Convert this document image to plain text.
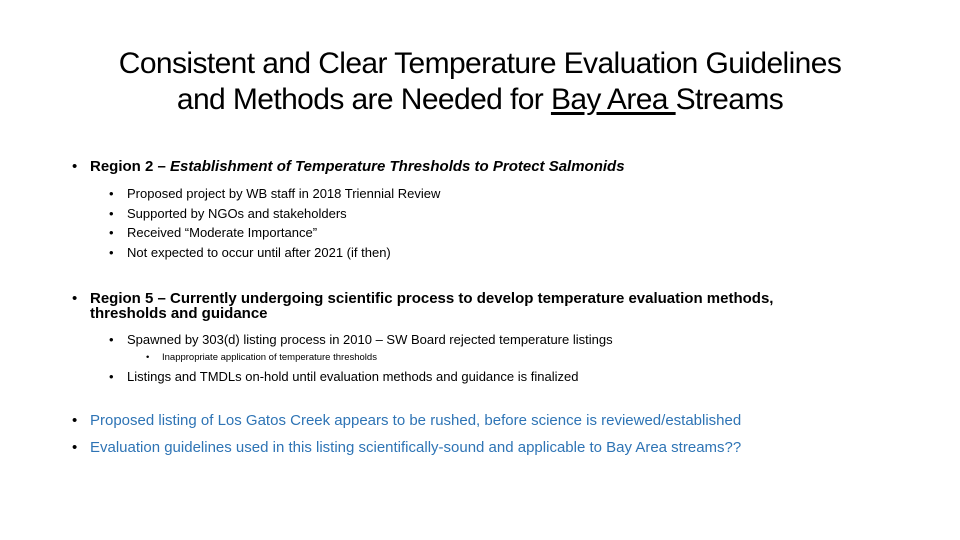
Consistent and Clear Temperature Evaluation Guidelines
and Methods are Needed for Bay Area Streams
• Region 2 – Establishment of Temperature Thresholds to Protect Salmonids
• Proposed project by WB staff in 2018 Triennial Review
• Supported by NGOs and stakeholders
• Received “Moderate Importance”
• Not expected to occur until after 2021 (if then)
• Region 5 – Currently undergoing scientific process to develop temperature evaluation methods,
thresholds and guidance
• Spawned by 303(d) listing process in 2010 – SW Board rejected temperature listings
• Inappropriate application of temperature thresholds
• Listings and TMDLs on-hold until evaluation methods and guidance is finalized
• Proposed listing of Los Gatos Creek appears to be rushed, before science is reviewed/established
• Evaluation guidelines used in this listing scientifically-sound and applicable to Bay Area streams??
